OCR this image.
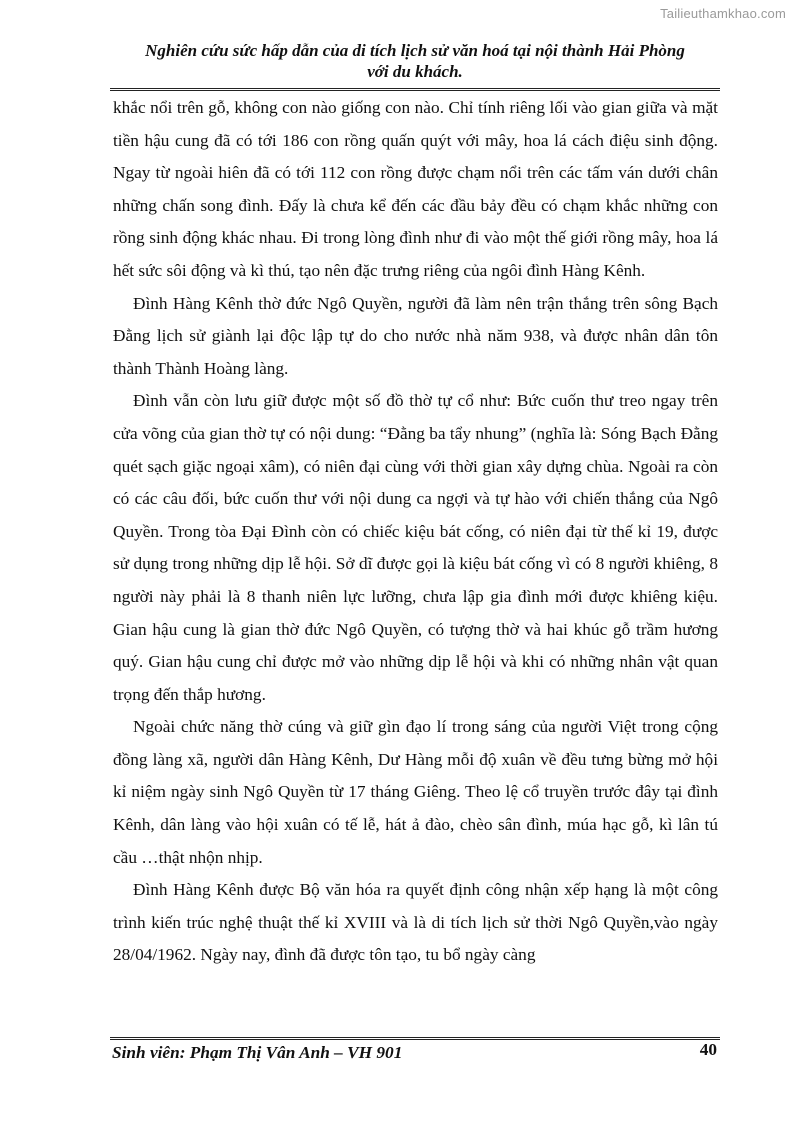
Tailieuthamkhao.com
Nghiên cứu sức hấp dẫn của di tích lịch sử văn hoá tại nội thành Hải Phòng
với du khách.

khắc nổi trên gỗ, không con nào giống con nào. Chỉ tính riêng lối vào gian giữa và mặt tiền hậu cung đã có tới 186 con rồng quấn quýt với mây, hoa lá cách điệu sinh động. Ngay từ ngoài hiên đã có tới 112 con rồng được chạm nổi trên các tấm ván dưới chân những chấn song đình. Đấy là chưa kể đến các đầu bảy đều có chạm khắc những con rồng sinh động khác nhau. Đi trong lòng đình như đi vào một thế giới rồng mây, hoa lá hết sức sôi động và kì thú, tạo nên đặc trưng riêng của ngôi đình Hàng Kênh.

Đình Hàng Kênh thờ đức Ngô Quyền, người đã làm nên trận thắng trên sông Bạch Đằng lịch sử giành lại độc lập tự do cho nước nhà năm 938, và được nhân dân tôn thành Thành Hoàng làng.

Đình vẫn còn lưu giữ được một số đồ thờ tự cổ như: Bức cuốn thư treo ngay trên cửa võng của gian thờ tự có nội dung: “Đằng ba tẩy nhung” (nghĩa là: Sóng Bạch Đằng quét sạch giặc ngoại xâm), có niên đại cùng với thời gian xây dựng chùa. Ngoài ra còn có các câu đối, bức cuốn thư với nội dung ca ngợi và tự hào với chiến thắng của Ngô Quyền. Trong tòa Đại Đình còn có chiếc kiệu bát cống, có niên đại từ thế kỉ 19, được sử dụng trong những dịp lễ hội. Sở dĩ được gọi là kiệu bát cống vì có 8 người khiêng, 8 người này phải là 8 thanh niên lực lưỡng, chưa lập gia đình mới được khiêng kiệu. Gian hậu cung là gian thờ đức Ngô Quyền, có tượng thờ và hai khúc gỗ trầm hương quý. Gian hậu cung chỉ được mở vào những dịp lễ hội và khi có những nhân vật quan trọng đến thắp hương.

Ngoài chức năng thờ cúng và giữ gìn đạo lí trong sáng của người Việt trong cộng đồng làng xã, người dân Hàng Kênh, Dư Hàng mỗi độ xuân về đều tưng bừng mở hội kỉ niệm ngày sinh Ngô Quyền từ 17 tháng Giêng. Theo lệ cổ truyền trước đây tại đình Kênh, dân làng vào hội xuân có tế lễ, hát ả đào, chèo sân đình, múa hạc gỗ, kì lân tú cầu …thật nhộn nhịp.

Đình Hàng Kênh được Bộ văn hóa ra quyết định công nhận xếp hạng là một công trình kiến trúc nghệ thuật thế kỉ XVIII và là di tích lịch sử thời Ngô Quyền,vào ngày 28/04/1962. Ngày nay, đình đã được tôn tạo, tu bổ ngày càng

Sinh viên: Phạm Thị Vân Anh – VH 901	40
